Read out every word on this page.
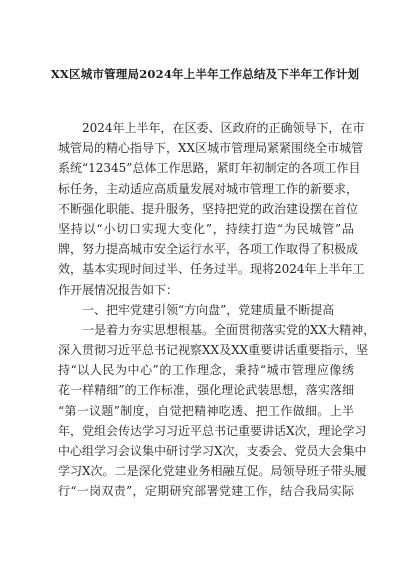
XX区城市管理局2024年上半年工作总结及下半年工作计划
2024年上半年，在区委、区政府的正确领导下，在市
城管局的精心指导下，XX区城市管理局紧紧围绕全市城管
系统“12345”总体工作思路，紧盯年初制定的各项工作目
标任务，主动适应高质量发展对城市管理工作的新要求，
不断强化职能、提升服务，坚持把党的政治建设摆在首位
坚持以“小切口实现大变化”，持续打造“为民城管”品
牌，努力提高城市安全运行水平，各项工作取得了积极成
效，基本实现时间过半、任务过半。现将2024年上半年工
作开展情况报告如下：
一、把牢党建引领“方向盘”，党建质量不断提高
一是着力夯实思想根基。全面贯彻落实党的XX大精神，
深入贯彻习近平总书记视察XX及XX重要讲话重要指示，坚
持“以人民为中心”的工作理念，秉持“城市管理应像绣
花一样精细”的工作标准，强化理论武装思想，落实落细
“第一议题”制度，自觉把精神吃透、把工作做细。上半
年，党组会传达学习习近平总书记重要讲话X次，理论学习
中心组学习会议集中研讨学习X次，支委会、党员大会集中
学习X次。二是深化党建业务相融互促。局领导班子带头履
行“一岗双责”，定期研究部署党建工作，结合我局实际
